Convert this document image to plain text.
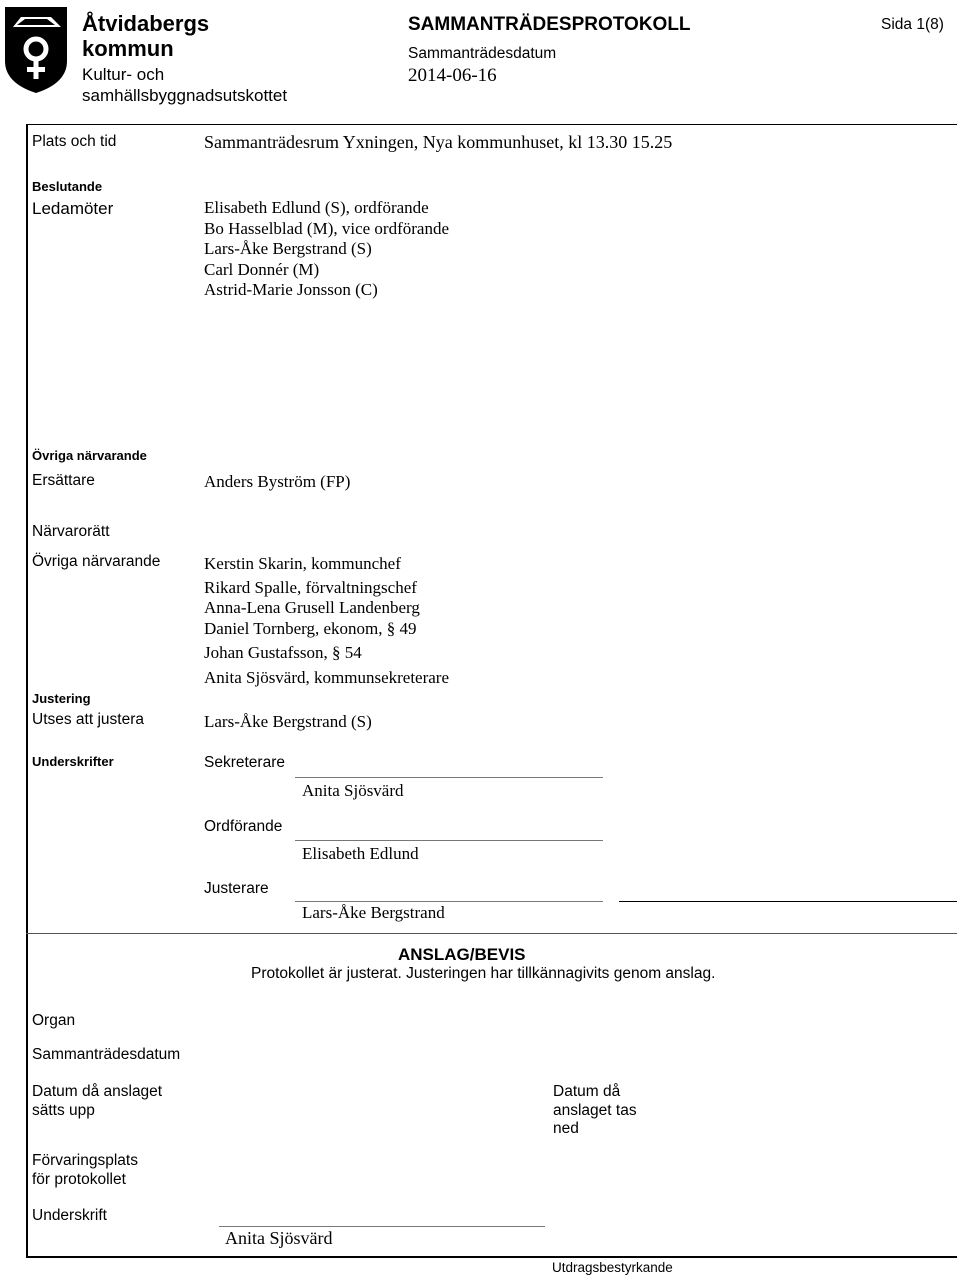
Åtvidabergs
kommun
Kultur- och
samhällsbyggnadsutskottet
SAMMANTRÄDESPROTOKOLL
Sammanträdesdatum
2014-06-16
Sida 1(8)
Plats och tid	Sammanträdesrum Yxningen, Nya kommunhuset, kl 13.30 15.25
Beslutande
Ledamöter	Elisabeth Edlund (S), ordförande
Bo Hasselblad (M), vice ordförande
Lars-Åke Bergstrand (S)
Carl Donnér (M)
Astrid-Marie Jonsson (C)
Övriga närvarande
Ersättare	Anders Byström (FP)
Närvarorätt
Övriga närvarande	Kerstin Skarin, kommunchef
Rikard Spalle, förvaltningschef
Anna-Lena Grusell Landenberg
Daniel Tornberg, ekonom, § 49
Johan Gustafsson, § 54
Anita Sjösvärd, kommunsekreterare
Justering
Utses att justera	Lars-Åke Bergstrand (S)
Underskrifter	Sekreterare
Anita Sjösvärd
Ordförande
Elisabeth Edlund
Justerare
Lars-Åke Bergstrand
ANSLAG/BEVIS
Protokollet är justerat. Justeringen har tillkännagivits genom anslag.
Organ
Sammanträdesdatum
Datum då anslaget
sätts upp
Datum då
anslaget tas
ned
Förvaringsplats
för protokollet
Underskrift
Anita Sjösvärd
Utdragsbestyrkande
